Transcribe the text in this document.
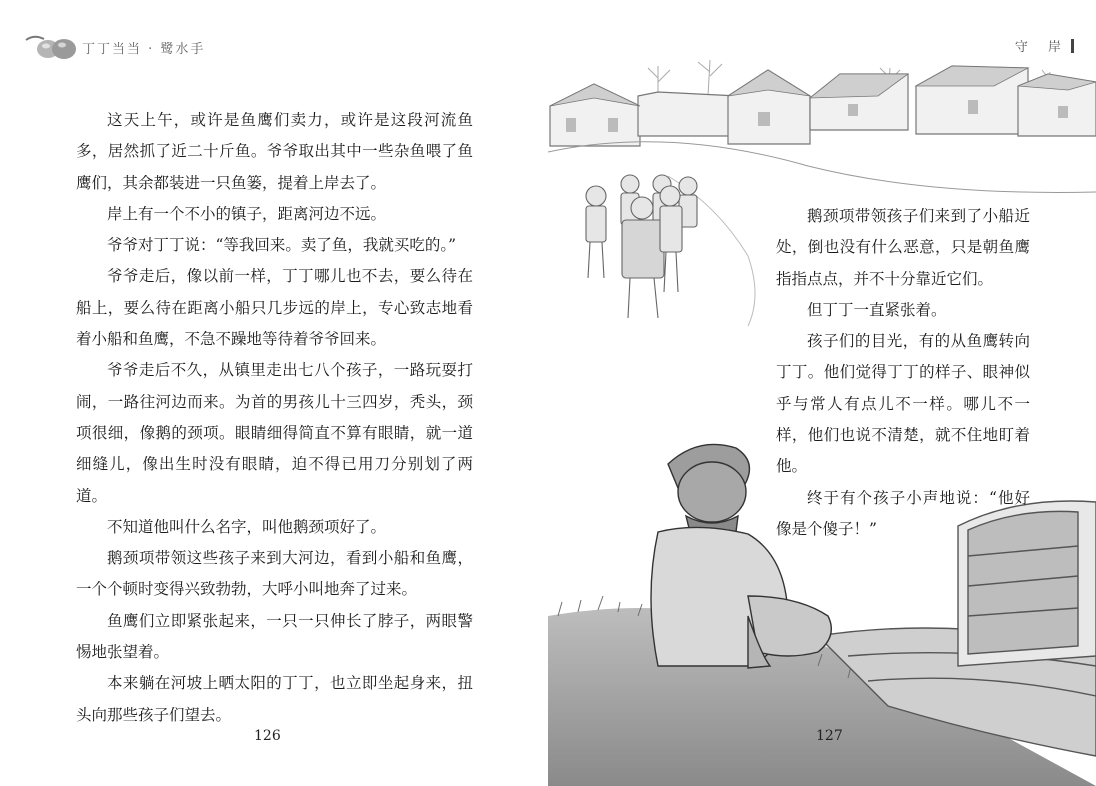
丁丁当当 · 鹭水手

这天上午，或许是鱼鹰们卖力，或许是这段河流鱼多，居然抓了近二十斤鱼。爷爷取出其中一些杂鱼喂了鱼鹰们，其余都装进一只鱼篓，提着上岸去了。

岸上有一个不小的镇子，距离河边不远。

爷爷对丁丁说：“等我回来。卖了鱼，我就买吃的。”

爷爷走后，像以前一样，丁丁哪儿也不去，要么待在船上，要么待在距离小船只几步远的岸上，专心致志地看着小船和鱼鹰，不急不躁地等待着爷爷回来。

爷爷走后不久，从镇里走出七八个孩子，一路玩耍打闹，一路往河边而来。为首的男孩儿十三四岁，秃头，颈项很细，像鹅的颈项。眼睛细得简直不算有眼睛，就一道细缝儿，像出生时没有眼睛，迫不得已用刀分别划了两道。

不知道他叫什么名字，叫他鹅颈项好了。

鹅颈项带领这些孩子来到大河边，看到小船和鱼鹰，一个个顿时变得兴致勃勃，大呼小叫地奔了过来。

鱼鹰们立即紧张起来，一只一只伸长了脖子，两眼警惕地张望着。

本来躺在河坡上晒太阳的丁丁，也立即坐起身来，扭头向那些孩子们望去。

126
守 岸

鹅颈项带领孩子们来到了小船近处，倒也没有什么恶意，只是朝鱼鹰指指点点，并不十分靠近它们。

但丁丁一直紧张着。

孩子们的目光，有的从鱼鹰转向丁丁。他们觉得丁丁的样子、眼神似乎与常人有点儿不一样。哪儿不一样，他们也说不清楚，就不住地盯着他。

终于有个孩子小声地说：“他好像是个傻子！”

127
